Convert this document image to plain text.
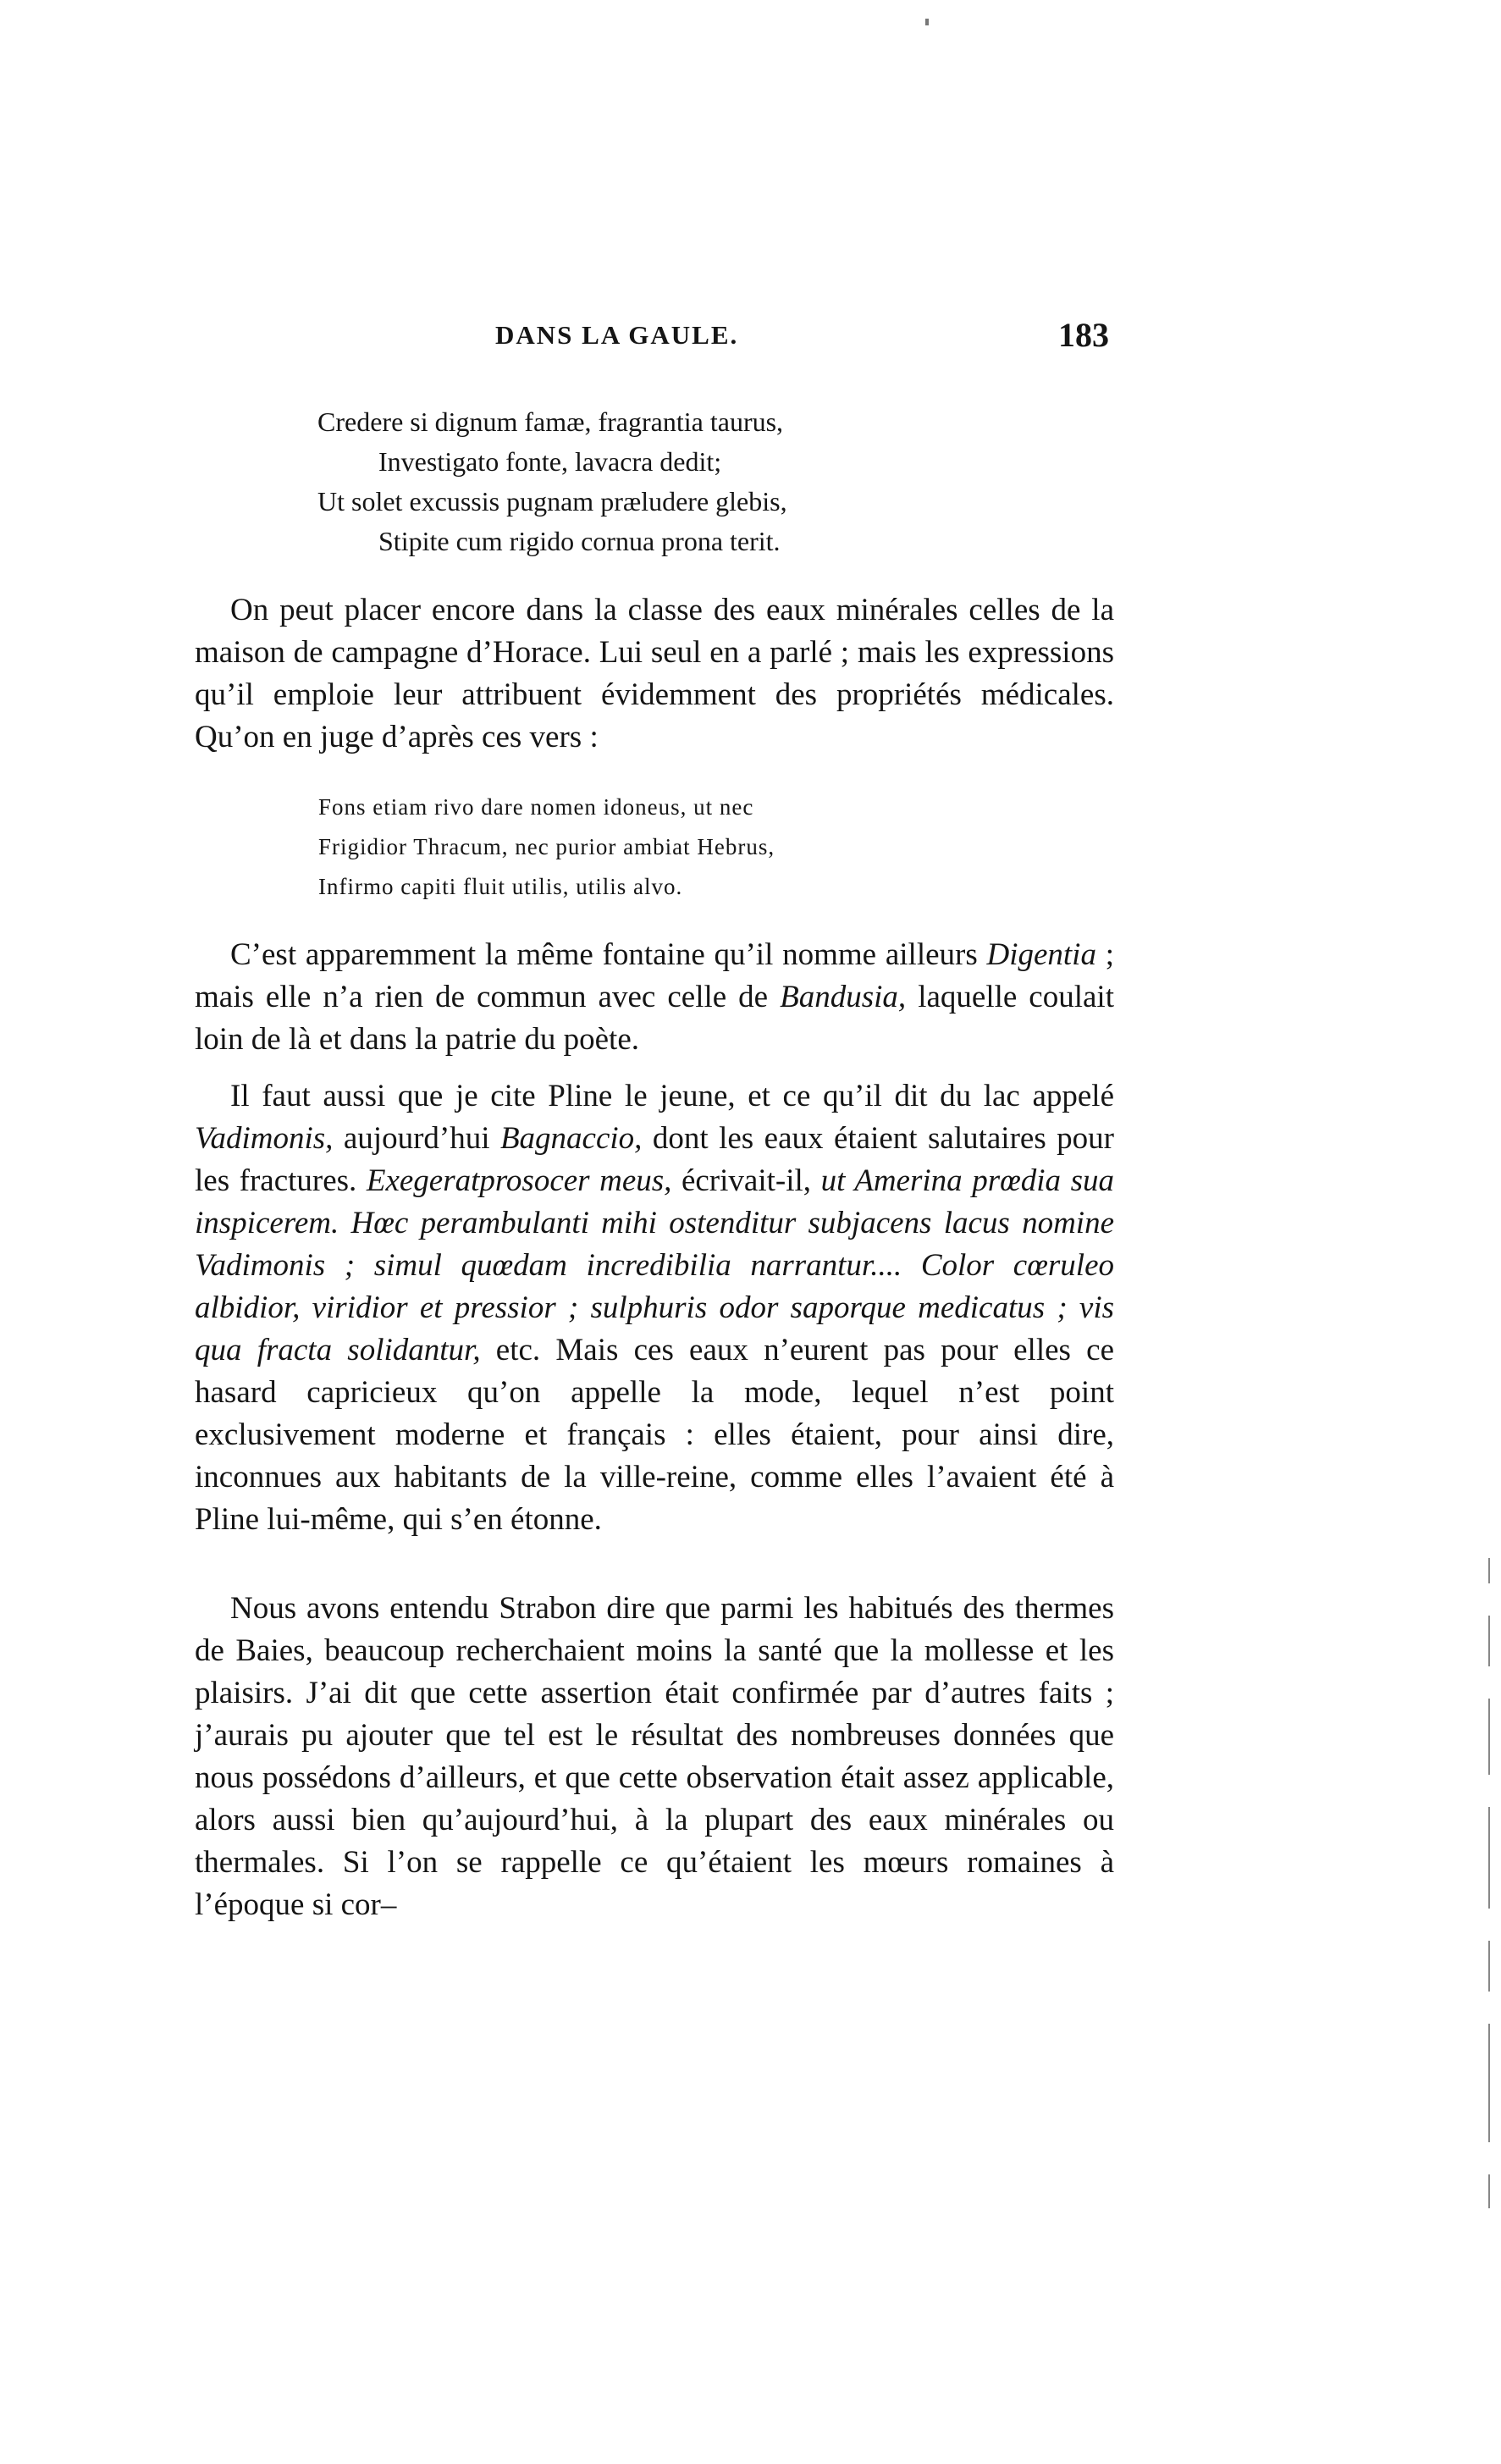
DANS LA GAULE.	183
Credere si dignum famæ, fragrantia taurus,
Investigato fonte, lavacra dedit;
Ut solet excussis pugnam præludere glebis,
Stipite cum rigido cornua prona terit.

On peut placer encore dans la classe des eaux minérales celles de la maison de campagne d’Horace. Lui seul en a parlé ; mais les expressions qu’il emploie leur attribuent évidemment des propriétés médicales. Qu’on en juge d’après ces vers :

Fons etiam rivo dare nomen idoneus, ut nec
Frigidior Thracum, nec purior ambiat Hebrus,
Infirmo capiti fluit utilis, utilis alvo.

C’est apparemment la même fontaine qu’il nomme ailleurs Digentia ; mais elle n’a rien de commun avec celle de Bandusia, laquelle coulait loin de là et dans la patrie du poète.

Il faut aussi que je cite Pline le jeune, et ce qu’il dit du lac appelé Vadimonis, aujourd’hui Bagnaccio, dont les eaux étaient salutaires pour les fractures. Exegeratprosocer meus, écrivait-il, ut Amerina prœdia sua inspicerem. Hœc perambulanti mihi ostenditur subjacens lacus nomine Vadimonis ; simul quœdam incredibilia narrantur.... Color cœruleo albidior, viridior et pressior ; sulphuris odor saporque medicatus ; vis qua fracta solidantur, etc. Mais ces eaux n’eurent pas pour elles ce hasard capricieux qu’on appelle la mode, lequel n’est point exclusivement moderne et français : elles étaient, pour ainsi dire, inconnues aux habitants de la ville-reine, comme elles l’avaient été à Pline lui-même, qui s’en étonne.

Nous avons entendu Strabon dire que parmi les habitués des thermes de Baies, beaucoup recherchaient moins la santé que la mollesse et les plaisirs. J’ai dit que cette assertion était confirmée par d’autres faits ; j’aurais pu ajouter que tel est le résultat des nombreuses données que nous possédons d’ailleurs, et que cette observation était assez applicable, alors aussi bien qu’aujourd’hui, à la plupart des eaux minérales ou thermales. Si l’on se rappelle ce qu’étaient les mœurs romaines à l’époque si cor–
